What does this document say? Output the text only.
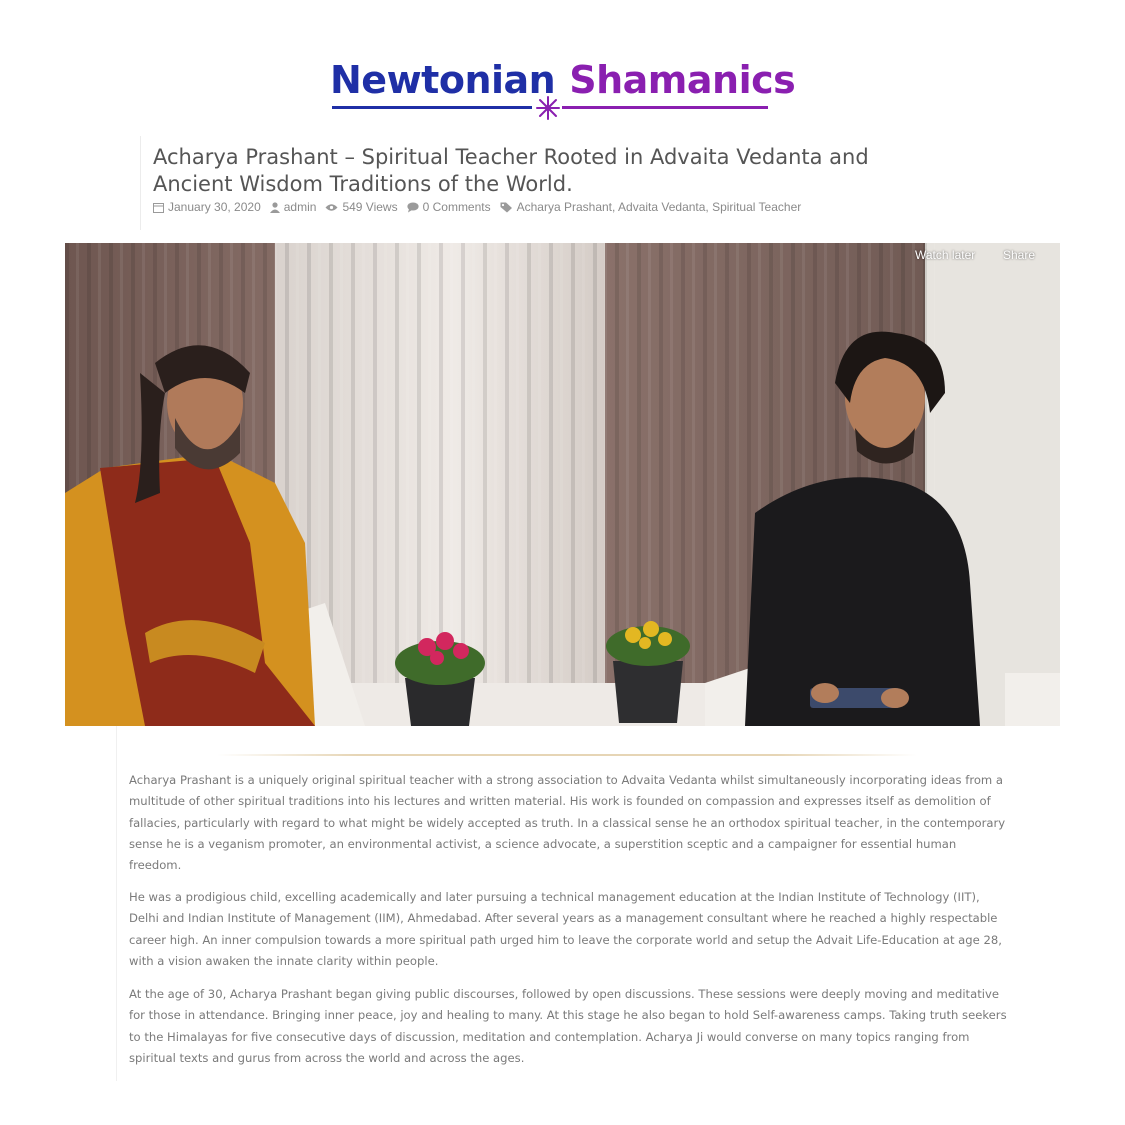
Newtonian Shamanics
Acharya Prashant – Spiritual Teacher Rooted in Advaita Vedanta and Ancient Wisdom Traditions of the World.
January 30, 2020 admin 549 Views 0 Comments Acharya Prashant, Advaita Vedanta, Spiritual Teacher
Watch later Share

Acharya Prashant is a uniquely original spiritual teacher with a strong association to Advaita Vedanta whilst simultaneously incorporating ideas from a multitude of other spiritual traditions into his lectures and written material. His work is founded on compassion and expresses itself as demolition of fallacies, particularly with regard to what might be widely accepted as truth. In a classical sense he an orthodox spiritual teacher, in the contemporary sense he is a veganism promoter, an environmental activist, a science advocate, a superstition sceptic and a campaigner for essential human freedom.

He was a prodigious child, excelling academically and later pursuing a technical management education at the Indian Institute of Technology (IIT), Delhi and Indian Institute of Management (IIM), Ahmedabad. After several years as a management consultant where he reached a highly respectable career high. An inner compulsion towards a more spiritual path urged him to leave the corporate world and setup the Advait Life-Education at age 28, with a vision awaken the innate clarity within people.

At the age of 30, Acharya Prashant began giving public discourses, followed by open discussions. These sessions were deeply moving and meditative for those in attendance. Bringing inner peace, joy and healing to many. At this stage he also began to hold Self-awareness camps. Taking truth seekers to the Himalayas for five consecutive days of discussion, meditation and contemplation. Acharya Ji would converse on many topics ranging from spiritual texts and gurus from across the world and across the ages.
